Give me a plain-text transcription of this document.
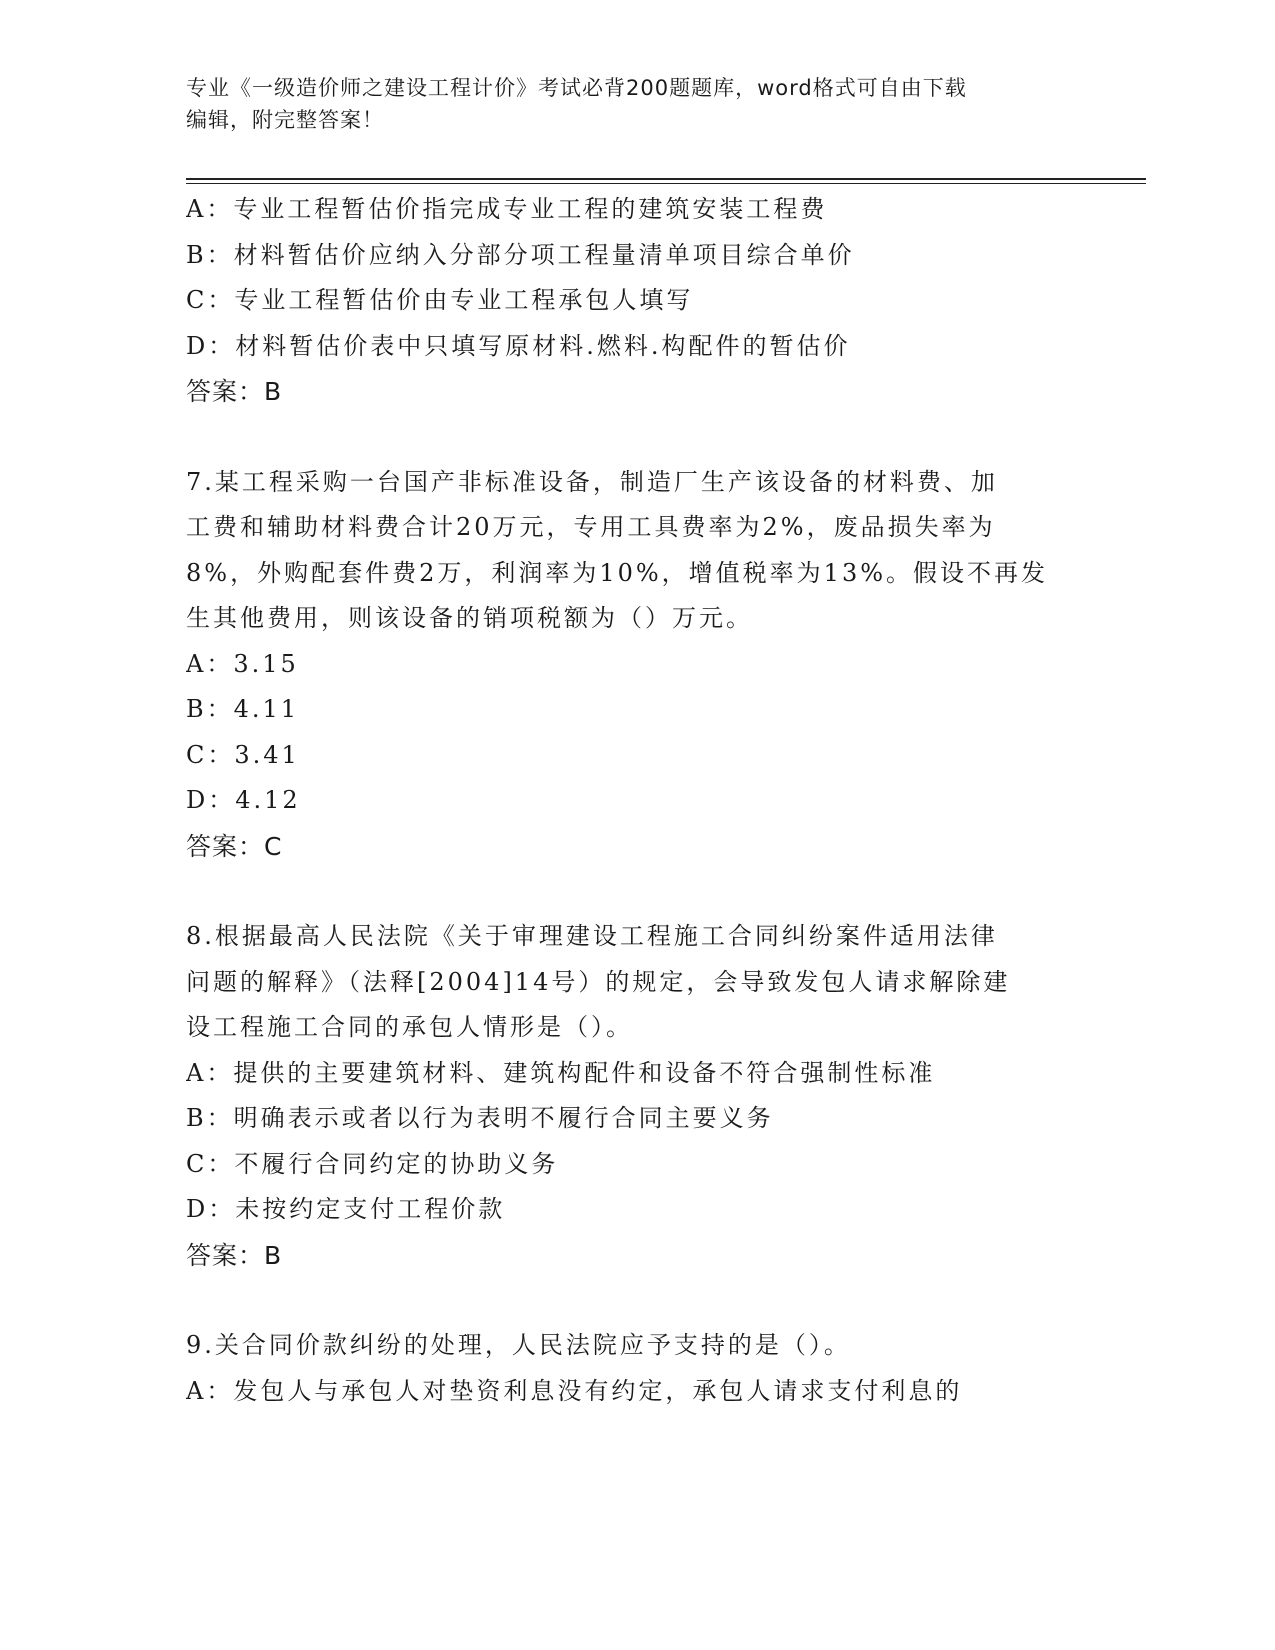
专业《一级造价师之建设工程计价》考试必背200题题库，word格式可自由下载
编辑，附完整答案！
A：专业工程暂估价指完成专业工程的建筑安装工程费
B：材料暂估价应纳入分部分项工程量清单项目综合单价
C：专业工程暂估价由专业工程承包人填写
D：材料暂估价表中只填写原材料.燃料.构配件的暂估价
答案：B
7.某工程采购一台国产非标准设备，制造厂生产该设备的材料费、加
工费和辅助材料费合计20万元，专用工具费率为2%，废品损失率为
8%，外购配套件费2万，利润率为10%，增值税率为13%。假设不再发
生其他费用，则该设备的销项税额为（）万元。
A：3.15
B：4.11
C：3.41
D：4.12
答案：C
8.根据最高人民法院《关于审理建设工程施工合同纠纷案件适用法律
问题的解释》（法释[2004]14号）的规定，会导致发包人请求解除建
设工程施工合同的承包人情形是（）。
A：提供的主要建筑材料、建筑构配件和设备不符合强制性标准
B：明确表示或者以行为表明不履行合同主要义务
C：不履行合同约定的协助义务
D：未按约定支付工程价款
答案：B
9.关合同价款纠纷的处理，人民法院应予支持的是（）。
A：发包人与承包人对垫资利息没有约定，承包人请求支付利息的
